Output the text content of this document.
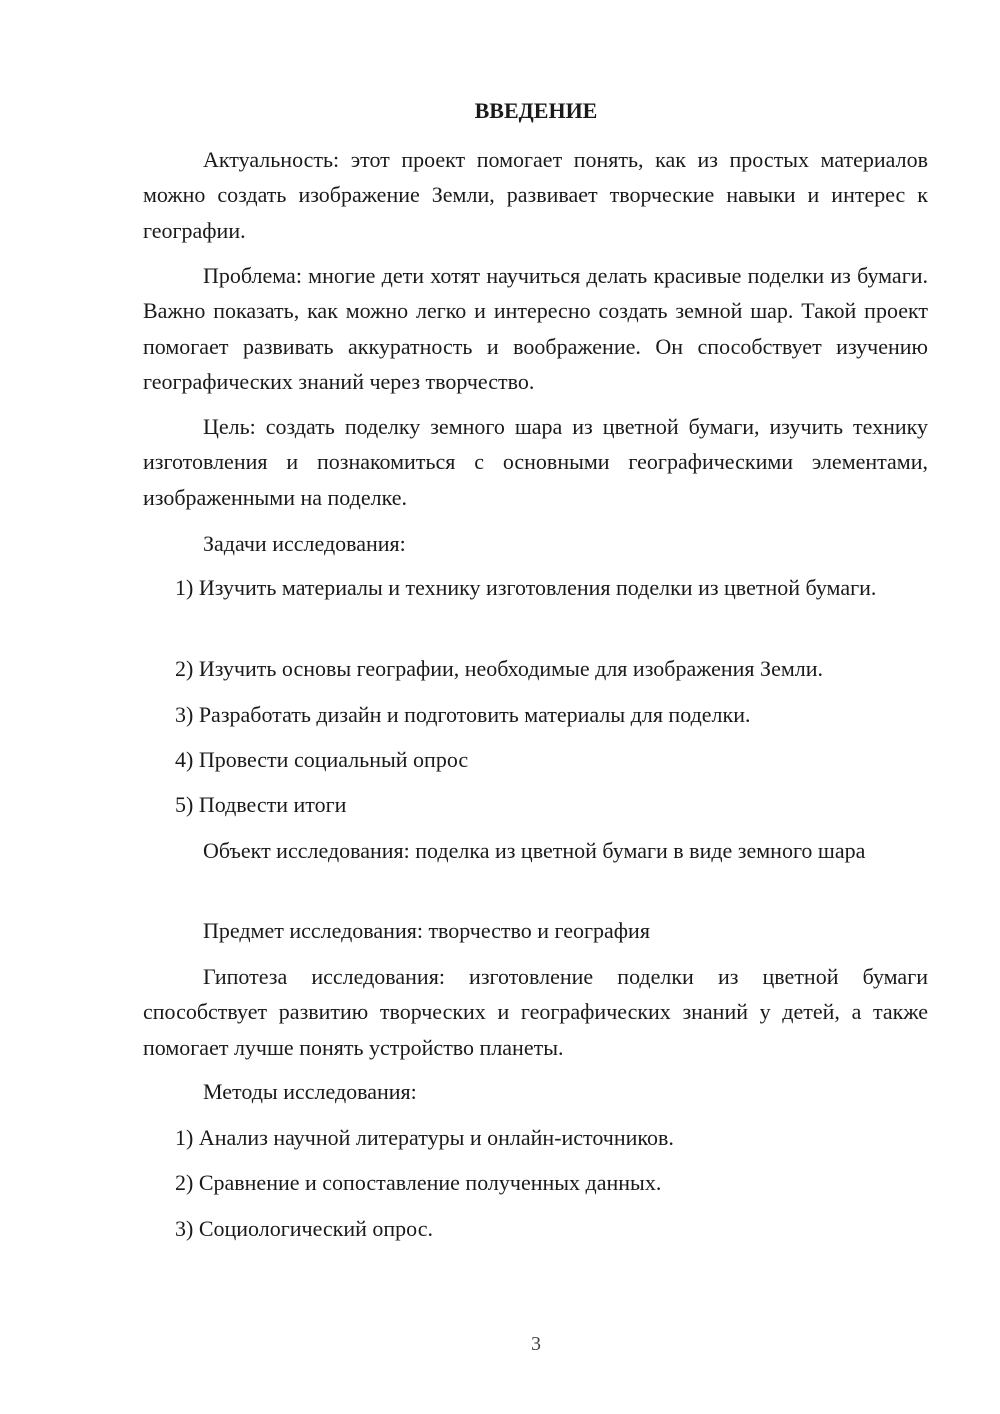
ВВЕДЕНИЕ

Актуальность: этот проект помогает понять, как из простых материалов можно создать изображение Земли, развивает творческие навыки и интерес к географии.

Проблема: многие дети хотят научиться делать красивые поделки из бумаги. Важно показать, как можно легко и интересно создать земной шар. Такой проект помогает развивать аккуратность и воображение. Он способствует изучению географических знаний через творчество.

Цель: создать поделку земного шара из цветной бумаги, изучить технику изготовления и познакомиться с основными географическими элементами, изображенными на поделке.

Задачи исследования:

1) Изучить материалы и технику изготовления поделки из цветной бумаги.

2) Изучить основы географии, необходимые для изображения Земли.

3) Разработать дизайн и подготовить материалы для поделки.

4) Провести социальный опрос

5) Подвести итоги

Объект исследования: поделка из цветной бумаги в виде земного шара

Предмет исследования: творчество и география

Гипотеза исследования: изготовление поделки из цветной бумаги способствует развитию творческих и географических знаний у детей, а также помогает лучше понять устройство планеты.

Методы исследования:

1) Анализ научной литературы и онлайн-источников.

2) Сравнение и сопоставление полученных данных.

3) Социологический опрос.

3
